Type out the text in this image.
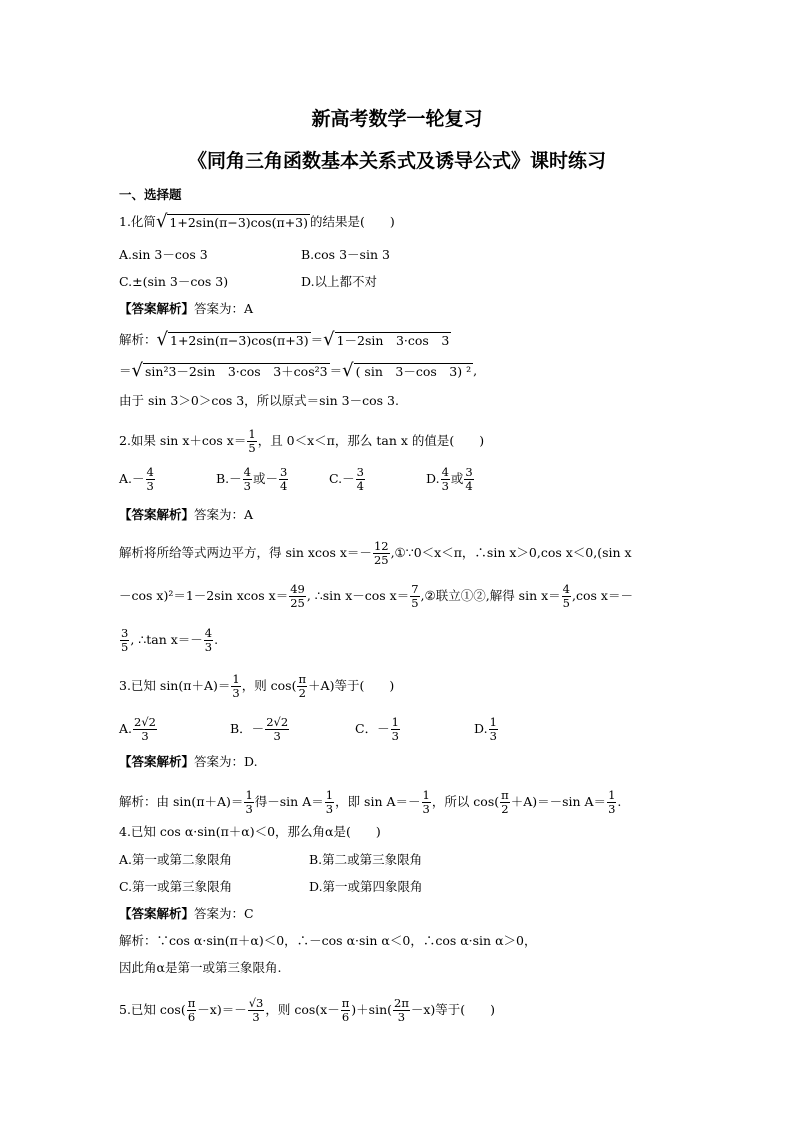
新高考数学一轮复习
《同角三角函数基本关系式及诱导公式》课时练习
一、选择题
1.化简√ 1+2sin(π−3)cos(π+3) 的结果是(　　)
A.sin 3－cos 3	B.cos 3－sin 3
C.±(sin 3－cos 3)	D.以上都不对
【答案解析】答案为：A
解析：√ 1+2sin(π−3)cos(π+3) ＝√ 1－2sin　3·cos　3
＝√ sin²3－2sin　3·cos　3＋cos²3 ＝√ ( sin　3－cos　3) ² ,
由于 sin 3＞0＞cos 3，所以原式＝sin 3－cos 3.
2.如果 sin x＋cos $x= \frac{1}{5}$ ，且 0＜x＜π，那么 tan x 的值是(　　)
$A.- \frac{4}{3}$	$B.- \frac{4}{3}$ 或－ $\frac{3}{4}$	$C.- \frac{3}{4}$	D. $\frac{4}{3}$ 或 $\frac{3}{4}$
【答案解析】答案为：A
解析将所给等式两边平方，得 sin xcos $x=- \frac{12}{25}$ ,①∵0＜x＜π，∴sin x＞0,cos x＜0,(sin x
－cos x)²＝1－2sin xcos $x= \frac{49}{25}$ , ∴sin x－cos $x= \frac{7}{5}$ ,②联立①②,解得 $\sin x= \frac{4}{5} ,\cos$ x＝－
$\frac{3}{5}$ , ∴tan $x=- \frac{4}{3}$ .
3.已知 $\sin(\pi+A)= \frac{1}{3}$ ，则 $\cos( \frac{\pi}{2} +A)$等于(　　)
A. $\frac{2√2}{3}$	B．－ $\frac{2√2}{3}$	C．－ $\frac{1}{3}$	D. $\frac{1}{3}$
【答案解析】答案为：D.
解析：由 $\sin(\pi+A)= \frac{1}{3}$ 得－sin $A= \frac{1}{3}$ ，即 $\sin A=- \frac{1}{3}$ ，所以 $\cos( \frac{\pi}{2} +A)=-\sin$ $A= \frac{1}{3}$ .
4.已知 cos α·sin(π＋α)＜0，那么角α是(　　)
A.第一或第二象限角	B.第二或第三象限角
C.第一或第三象限角	D.第一或第四象限角
【答案解析】答案为：C
解析：∵cos α·sin(π＋α)＜0，∴－cos α·sin α＜0，∴cos α·sin α＞0，
因此角α是第一或第三象限角.
5.已知 $\cos( \frac{\pi}{6} -x)=- \frac{√3}{3}$ ，则 $\cos(x- \frac{\pi}{6} )+\sin( \frac{2\pi}{3} -x)$等于(　　)
